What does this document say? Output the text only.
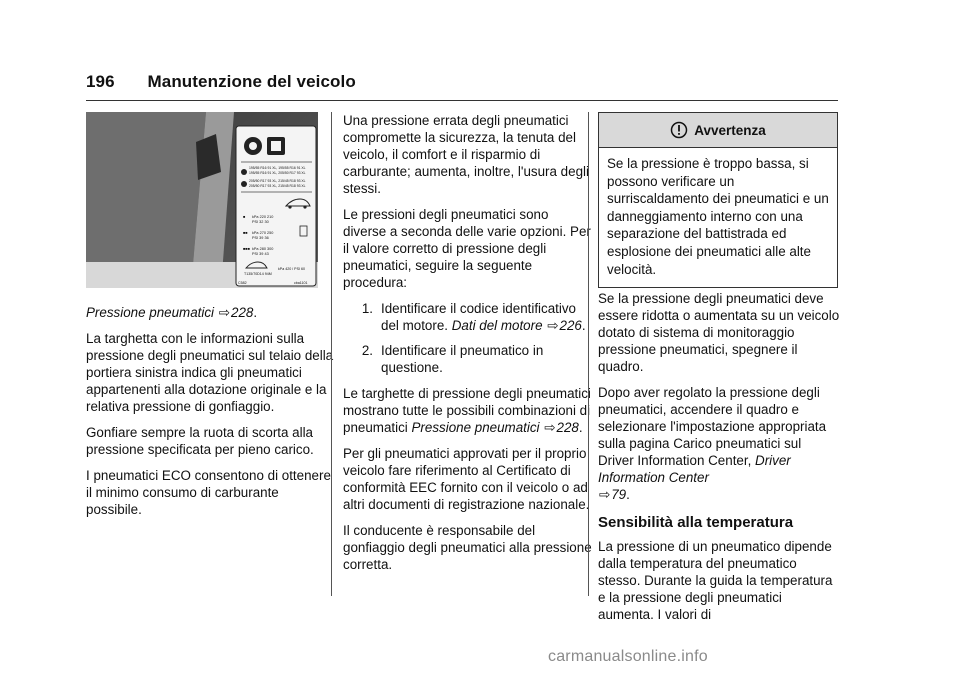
196 Manutenzione del veicolo
195/55 R16 91 XL, 195/55 R16 91 XL
195/55 R16 91 XL, 205/50 R17 93 XL
205/50 R17 93 XL, 215/45 R18 93 XL
205/50 R17 93 XL, 215/45 R18 93 XL
■ kPa 220 210
PSI 32 30
■■ kPa 270 250
PSI 39 36
■■■ kPa 280 300
PSI 39 43
T135/70D14 94M
kPa 420 / PSI 60
C582	cba1101

Pressione pneumatici ⇨228.

La targhetta con le informazioni sulla pressione degli pneumatici sul telaio della portiera sinistra indica gli pneumatici appartenenti alla dotazione originale e la relativa pressione di gonfiaggio.

Gonfiare sempre la ruota di scorta alla pressione specificata per pieno carico.

I pneumatici ECO consentono di ottenere il minimo consumo di carburante possibile.

Una pressione errata degli pneumatici compromette la sicurezza, la tenuta del veicolo, il comfort e il risparmio di carburante; aumenta, inoltre, l'usura degli stessi.

Le pressioni degli pneumatici sono diverse a seconda delle varie opzioni. Per il valore corretto di pressione degli pneumatici, seguire la seguente procedura:

1. Identificare il codice identificativo del motore. Dati del motore ⇨226.
2. Identificare il pneumatico in questione.

Le targhette di pressione degli pneumatici mostrano tutte le possibili combinazioni di pneumatici Pressione pneumatici ⇨228.

Per gli pneumatici approvati per il proprio veicolo fare riferimento al Certificato di conformità EEC fornito con il veicolo o ad altri documenti di registrazione nazionale.

Il conducente è responsabile del gonfiaggio degli pneumatici alla pressione corretta.

Avvertenza
Se la pressione è troppo bassa, si possono verificare un surriscaldamento dei pneumatici e un danneggiamento interno con una separazione del battistrada ed esplosione dei pneumatici alle alte velocità.

Se la pressione degli pneumatici deve essere ridotta o aumentata su un veicolo dotato di sistema di monitoraggio pressione pneumatici, spegnere il quadro.

Dopo aver regolato la pressione degli pneumatici, accendere il quadro e selezionare l'impostazione appropriata sulla pagina Carico pneumatici sul Driver Information Center, Driver Information Center
⇨79.

Sensibilità alla temperatura

La pressione di un pneumatico dipende dalla temperatura del pneumatico stesso. Durante la guida la temperatura e la pressione degli pneumatici aumenta. I valori di

carmanualsonline.info
